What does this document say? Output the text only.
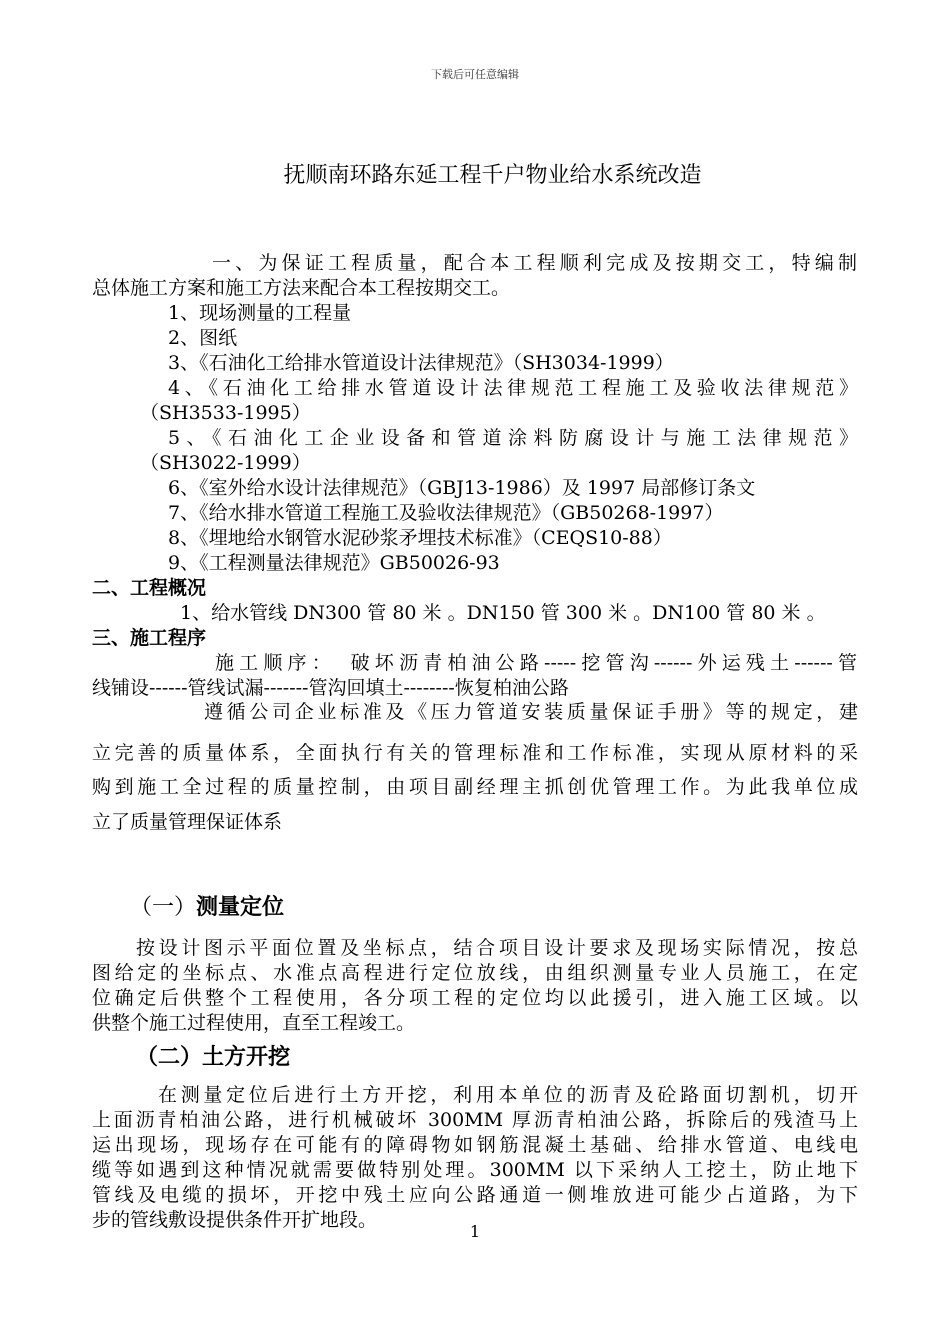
下载后可任意编辑
抚顺南环路东延工程千户物业给水系统改造
一、为保证工程质量，配合本工程顺利完成及按期交工，特编制
总体施工方案和施工方法来配合本工程按期交工。
1、现场测量的工程量
2、图纸
3、《石油化工给排水管道设计法律规范》（SH3034-1999）
4、《石油化工给排水管道设计法律规范工程施工及验收法律规范》
（SH3533-1995）
5、《石油化工企业设备和管道涂料防腐设计与施工法律规范》
（SH3022-1999）
6、《室外给水设计法律规范》（GBJ13-1986）及 1997 局部修订条文
7、《给水排水管道工程施工及验收法律规范》（GB50268-1997）
8、《埋地给水钢管水泥砂浆矛埋技术标准》（CEQS10-88）
9、《工程测量法律规范》GB50026-93
二、工程概况
1、给水管线 DN300 管 80 米 。DN150 管 300 米 。DN100 管 80 米 。
三、施工程序
施工顺序：　破坏沥青柏油公路-----挖管沟------外运残土------管
线铺设------管线试漏-------管沟回填土--------恢复柏油公路
遵循公司企业标准及《压力管道安装质量保证手册》等的规定，建
立完善的质量体系，全面执行有关的管理标准和工作标准，实现从原材料的采
购到施工全过程的质量控制，由项目副经理主抓创优管理工作。为此我单位成
立了质量管理保证体系
（一）测量定位
按设计图示平面位置及坐标点，结合项目设计要求及现场实际情况，按总
图给定的坐标点、水准点高程进行定位放线，由组织测量专业人员施工，在定
位确定后供整个工程使用，各分项工程的定位均以此援引，进入施工区域。以
供整个施工过程使用，直至工程竣工。
（二）土方开挖
在测量定位后进行土方开挖，利用本单位的沥青及砼路面切割机，切开
上面沥青柏油公路，进行机械破坏 300MM 厚沥青柏油公路，拆除后的残渣马上
运出现场，现场存在可能有的障碍物如钢筋混凝土基础、给排水管道、电线电
缆等如遇到这种情况就需要做特别处理。300MM 以下采纳人工挖土，防止地下
管线及电缆的损坏，开挖中残土应向公路通道一侧堆放进可能少占道路，为下
步的管线敷设提供条件开扩地段。
1
